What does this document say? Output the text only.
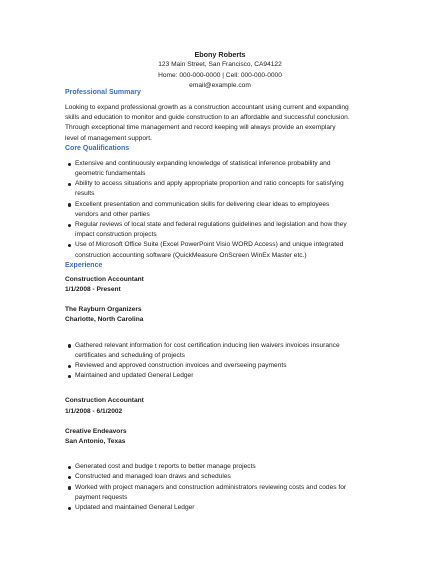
Ebony Roberts
123 Main Street, San Francisco, CA94122
Home: 000-000-0000 | Cell: 000-000-0000
email@example.com
Professional Summary
Looking to expand professional growth as a construction accountant using current and expanding
skills and education to monitor and guide construction to an affordable and successful conclusion.
Through exceptional time management and record keeping will always provide an exemplary
level of management support.
Core Qualifications
Extensive and continuously expanding knowledge of statistical inference probability and
geometric fundamentals
Ability to access situations and apply appropriate proportion and ratio concepts for satisfying
results
Excellent presentation and communication skills for delivering clear ideas to employees
vendors and other parties
Regular reviews of local state and federal regulations guidelines and legislation and how they
impact construction projects
Use of Microsoft Office Suite (Excel PowerPoint Visio WORD Access) and unique integrated
construction accounting software (QuickMeasure OnScreen WinEx Master etc.)
Experience
Construction Accountant
1/1/2008 - Present
The Rayburn Organizers
Charlotte, North Carolina
Gathered relevant information for cost certification inducing lien waivers invoices insurance
certificates and scheduling of projects
Reviewed and approved construction invoices and overseeing payments
Maintained and updated General Ledger
Construction Accountant
1/1/2008 - 6/1/2002
Creative Endeavors
San Antonio, Texas
Generated cost and budge t reports to better manage projects
Constructed and managed loan draws and schedules
Worked with project managers and construction administrators reviewing costs and codes for
payment requests
Updated and maintained General Ledger
